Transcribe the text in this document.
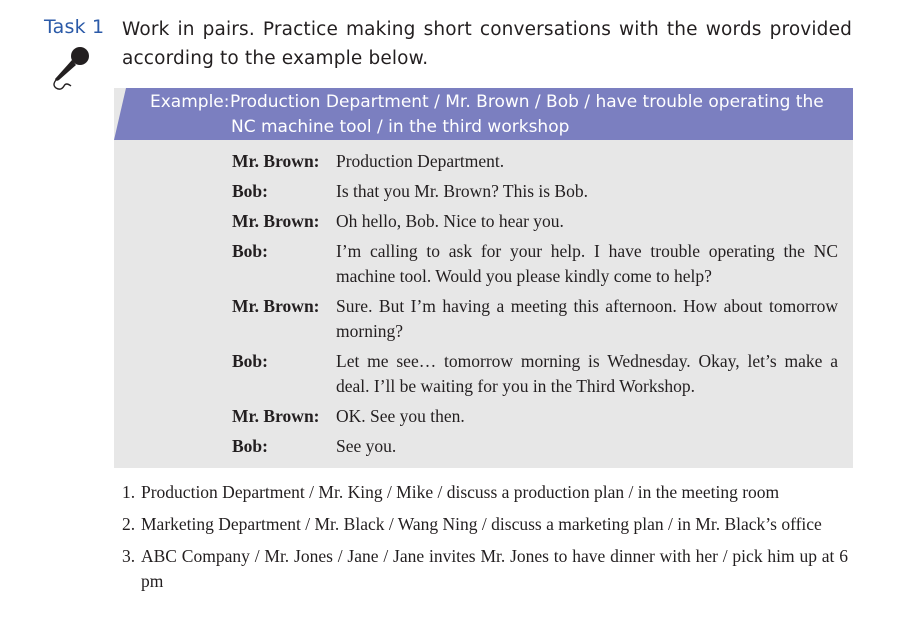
Task 1 Work in pairs. Practice making short conversations with the words provided according to the example below.
Example:Production Department / Mr. Brown / Bob / have trouble operating the
NC machine tool / in the third workshop
Mr. Brown: Production Department.
Bob:	Is that you Mr. Brown? This is Bob.
Mr. Brown: Oh hello, Bob. Nice to hear you.
Bob:	I’m calling to ask for your help. I have trouble operating the NC machine tool. Would you please kindly come to help?
Mr. Brown: Sure. But I’m having a meeting this afternoon. How about tomorrow morning?
Bob:	Let me see… tomorrow morning is Wednesday. Okay, let’s make a deal. I’ll be waiting for you in the Third Workshop.
Mr. Brown: OK. See you then.
Bob:	See you.
1. Production Department / Mr. King / Mike / discuss a production plan / in the meeting room
2. Marketing Department / Mr. Black / Wang Ning / discuss a marketing plan / in Mr. Black’s office
3. ABC Company / Mr. Jones / Jane / Jane invites Mr. Jones to have dinner with her / pick him up at 6 pm
